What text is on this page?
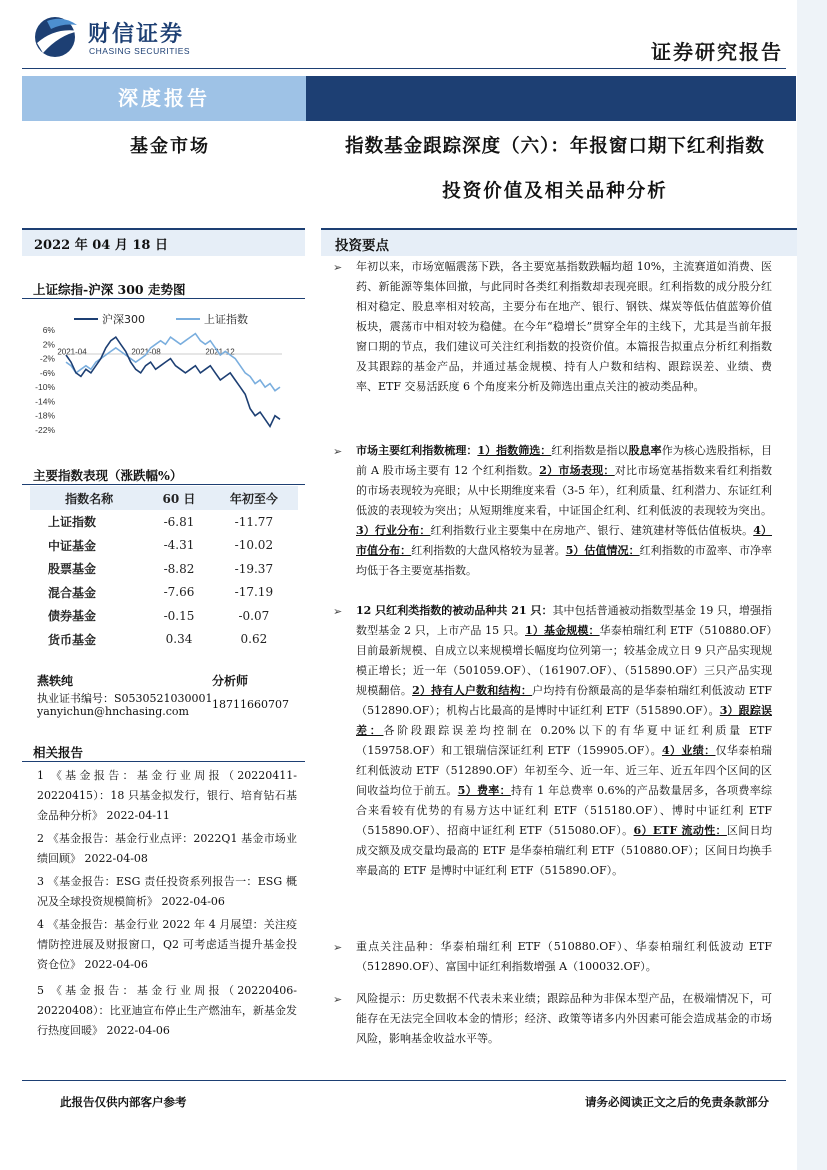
财信证券
CHASING SECURITIES	证券研究报告
深度报告
基金市场	指数基金跟踪深度（六）：年报窗口期下红利指数
投资价值及相关品种分析
2022 年 04 月 18 日	投资要点
上证综指-沪深 300 走势图
6%
2%
-2%
-6%
-10%
-14%
-18%
-22%
2021-04	2021-08	2021-12
沪深300	上证指数
主要指数表现（涨跌幅%）
指数名称	60 日	年初至今
上证指数	-6.81	-11.77
中证基金	-4.31	-10.02
股票基金	-8.82	-19.37
混合基金	-7.66	-17.19
债券基金	-0.15	-0.07
货币基金	0.34	0.62
燕轶纯	分析师
执业证书编号：S0530521030001
yanyichun@hnchasing.com
18711660707
相关报告
1 《基金报告：基金行业周报（20220411-20220415）：18 只基金拟发行，银行、培育钻石基金品种分析》 2022-04-11
2 《基金报告：基金行业点评：2022Q1 基金市场业绩回顾》 2022-04-08
3 《基金报告：ESG 责任投资系列报告一：ESG 概况及全球投资规模简析》 2022-04-06
4 《基金报告：基金行业 2022 年 4 月展望：关注疫情防控进展及财报窗口，Q2 可考虑适当提升基金投资仓位》 2022-04-06
5 《基金报告：基金行业周报（20220406-20220408）：比亚迪宣布停止生产燃油车，新基金发行热度回暖》 2022-04-06
➢ 年初以来，市场宽幅震荡下跌，各主要宽基指数跌幅均超 10%，主流赛道如消费、医药、新能源等集体回撤，与此同时各类红利指数却表现亮眼。红利指数的成分股分红相对稳定、股息率相对较高，主要分布在地产、银行、钢铁、煤炭等低估值蓝筹价值板块，震荡市中相对较为稳健。在今年“稳增长”贯穿全年的主线下，尤其是当前年报窗口期的节点，我们建议可关注红利指数的投资价值。本篇报告拟重点分析红利指数及其跟踪的基金产品，并通过基金规模、持有人户数和结构、跟踪误差、业绩、费率、ETF 交易活跃度 6 个角度来分析及筛选出重点关注的被动类品种。
➢ 市场主要红利指数梳理：1）指数筛选：红利指数是指以股息率作为核心选股指标，目前 A 股市场主要有 12 个红利指数。2）市场表现：对比市场宽基指数来看红利指数的市场表现较为亮眼；从中长期维度来看（3-5 年），红利质量、红利潜力、东证红利低波的表现较为突出；从短期维度来看，中证国企红利、红利低波的表现较为突出。3）行业分布：红利指数行业主要集中在房地产、银行、建筑建材等低估值板块。4）市值分布：红利指数的大盘风格较为显著。5）估值情况：红利指数的市盈率、市净率均低于各主要宽基指数。
➢ 12 只红利类指数的被动品种共 21 只：其中包括普通被动指数型基金 19 只，增强指数型基金 2 只，上市产品 15 只。1）基金规模：华泰柏瑞红利 ETF（510880.OF）目前最新规模、自成立以来规模增长幅度均位列第一；较基金成立日 9 只产品实现规模正增长；近一年（501059.OF）、（161907.OF）、（515890.OF）三只产品实现规模翻倍。2）持有人户数和结构：户均持有份额最高的是华泰柏瑞红利低波动 ETF（512890.OF）；机构占比最高的是博时中证红利 ETF（515890.OF）。3）跟踪误差：各阶段跟踪误差均控制在 0.20%以下的有华夏中证红利质量 ETF（159758.OF）和工银瑞信深证红利 ETF（159905.OF）。4）业绩：仅华泰柏瑞红利低波动 ETF（512890.OF）年初至今、近一年、近三年、近五年四个区间的区间收益均位于前五。5）费率：持有 1 年总费率 0.6%的产品数量居多，各项费率综合来看较有优势的有易方达中证红利 ETF（515180.OF）、博时中证红利 ETF（515890.OF）、招商中证红利 ETF（515080.OF）。6）ETF 流动性：区间日均成交额及成交量均最高的 ETF 是华泰柏瑞红利 ETF（510880.OF）；区间日均换手率最高的 ETF 是博时中证红利 ETF（515890.OF）。
➢ 重点关注品种：华泰柏瑞红利 ETF（510880.OF）、华泰柏瑞红利低波动 ETF（512890.OF）、富国中证红利指数增强 A（100032.OF）。
➢ 风险提示：历史数据不代表未来业绩；跟踪品种为非保本型产品，在极端情况下，可能存在无法完全回收本金的情形；经济、政策等诸多内外因素可能会造成基金的市场风险，影响基金收益水平等。
此报告仅供内部客户参考	请务必阅读正文之后的免责条款部分
